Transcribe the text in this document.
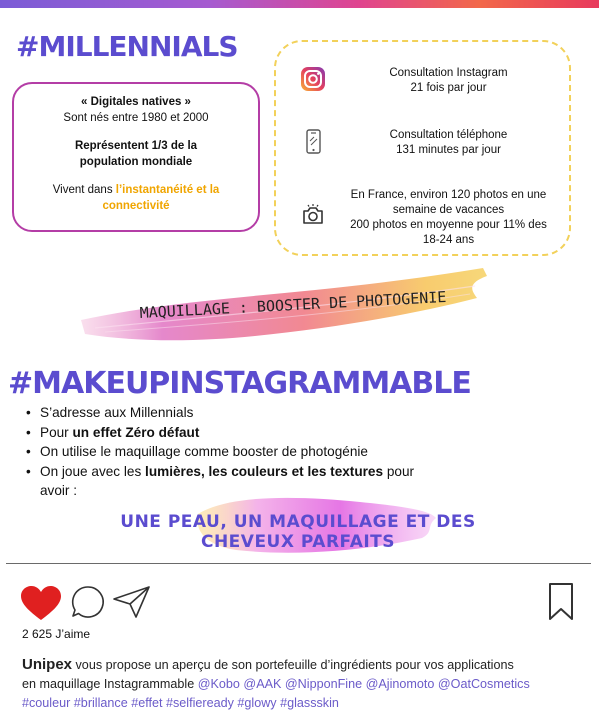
#MILLENNIALS
« Digitales natives »
Sont nés entre 1980 et 2000
Représentent 1/3 de la
population mondiale
Vivent dans l’instantanéité et la
connectivité
Consultation Instagram
21 fois par jour
Consultation téléphone
131 minutes par jour
En France, environ 120 photos en une
semaine de vacances
200 photos en moyenne pour 11% des
18-24 ans
MAQUILLAGE : BOOSTER DE PHOTOGENIE
#MAKEUPINSTAGRAMMABLE
• S’adresse aux Millennials
• Pour un effet Zéro défaut
• On utilise le maquillage comme booster de photogénie
• On joue avec les lumières, les couleurs et les textures pour
avoir :
UNE PEAU, UN MAQUILLAGE ET DES CHEVEUX PARFAITS
2 625 J’aime
Unipex vous propose un aperçu de son portefeuille d’ingrédients pour vos applications
en maquillage Instagrammable @Kobo @AAK @NipponFine @Ajinomoto @OatCosmetics
#couleur #brillance #effet #selfieready #glowy #glassskin
